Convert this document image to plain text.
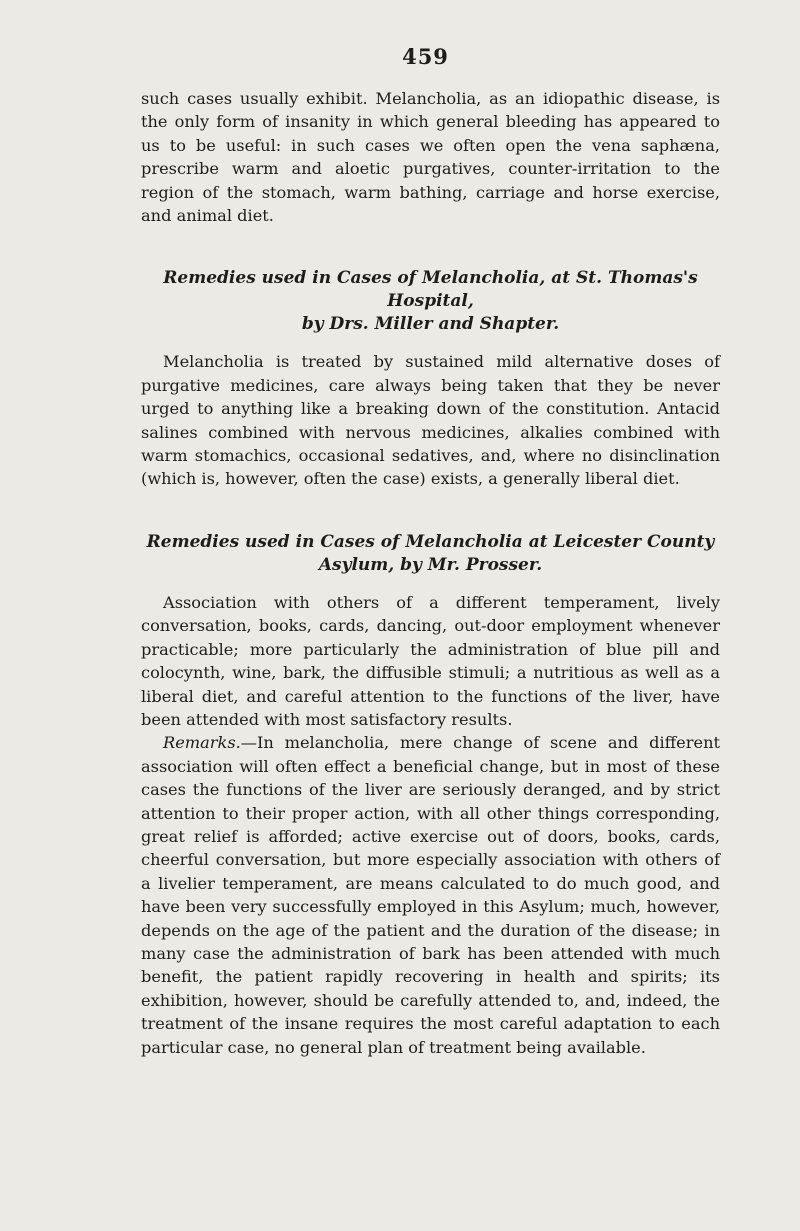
459

such cases usually exhibit. Melancholia, as an idiopathic disease, is the only form of insanity in which general bleeding has appeared to us to be useful: in such cases we often open the vena saphæna, prescribe warm and aloetic purgatives, counter-irritation to the region of the stomach, warm bathing, carriage and horse exercise, and animal diet.

Remedies used in Cases of Melancholia, at St. Thomas's Hospital,
by Drs. Miller and Shapter.

Melancholia is treated by sustained mild alternative doses of purgative medicines, care always being taken that they be never urged to anything like a breaking down of the constitution. Antacid salines combined with nervous medicines, alkalies combined with warm stomachics, occasional sedatives, and, where no disinclination (which is, however, often the case) exists, a generally liberal diet.

Remedies used in Cases of Melancholia at Leicester County
Asylum, by Mr. Prosser.

Association with others of a different temperament, lively conversation, books, cards, dancing, out-door employment whenever practicable; more particularly the administration of blue pill and colocynth, wine, bark, the diffusible stimuli; a nutritious as well as a liberal diet, and careful attention to the functions of the liver, have been attended with most satisfactory results.

Remarks.—In melancholia, mere change of scene and different association will often effect a beneficial change, but in most of these cases the functions of the liver are seriously deranged, and by strict attention to their proper action, with all other things corresponding, great relief is afforded; active exercise out of doors, books, cards, cheerful conversation, but more especially association with others of a livelier temperament, are means calculated to do much good, and have been very successfully employed in this Asylum; much, however, depends on the age of the patient and the duration of the disease; in many case the administration of bark has been attended with much benefit, the patient rapidly recovering in health and spirits; its exhibition, however, should be carefully attended to, and, indeed, the treatment of the insane requires the most careful adaptation to each particular case, no general plan of treatment being available.
